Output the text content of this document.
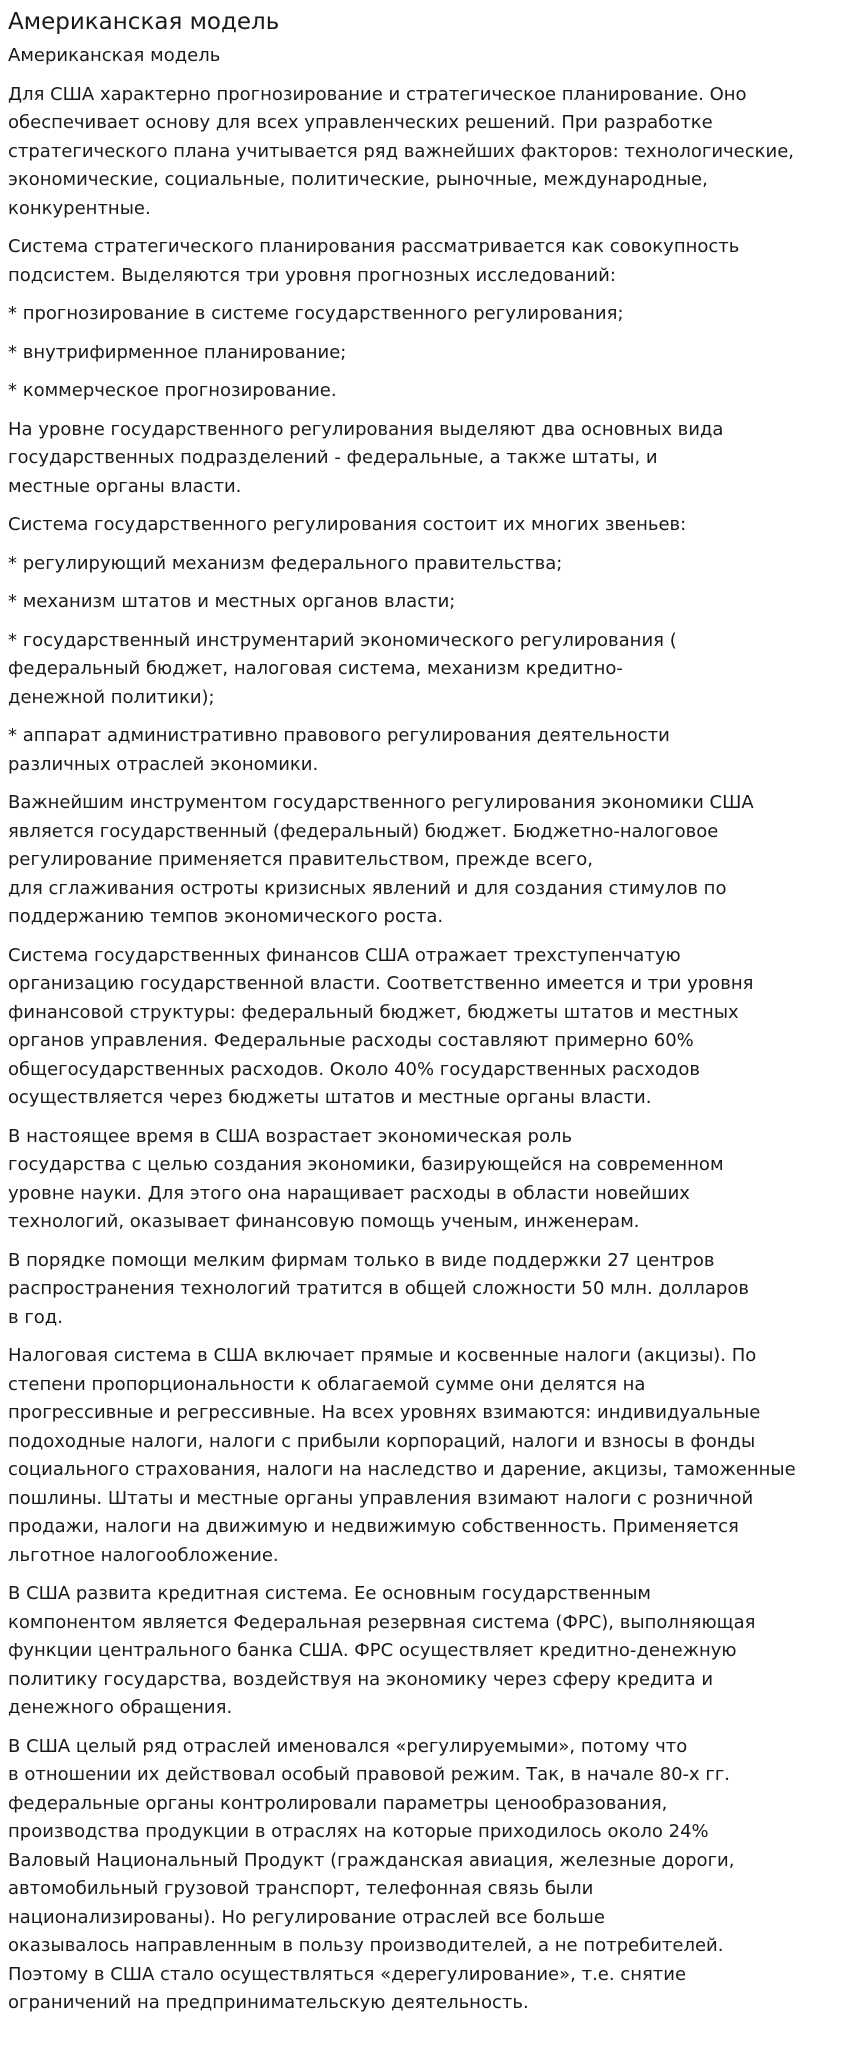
Американская модель

Американская модель

Для США характерно прогнозирование и стратегическое планирование. Оно
обеспечивает основу для всех управленческих решений. При разработке
стратегического плана учитывается ряд важнейших факторов: технологические,
экономические, социальные, политические, рыночные, международные,
конкурентные.

Система стратегического планирования рассматривается как совокупность
подсистем. Выделяются три уровня прогнозных исследований:

* прогнозирование в системе государственного регулирования;

* внутрифирменное планирование;

* коммерческое прогнозирование.

На уровне государственного регулирования выделяют два основных вида
государственных подразделений - федеральные, а также штаты, и
местные органы власти.

Система государственного регулирования состоит их многих звеньев:

* регулирующий механизм федерального правительства;

* механизм штатов и местных органов власти;

* государственный инструментарий экономического регулирования (
федеральный бюджет, налоговая система, механизм кредитно-
денежной политики);

* аппарат административно правового регулирования деятельности
различных отраслей экономики.

Важнейшим инструментом государственного регулирования экономики США
является государственный (федеральный) бюджет. Бюджетно-налоговое
регулирование применяется правительством, прежде всего,
для сглаживания остроты кризисных явлений и для создания стимулов по
поддержанию темпов экономического роста.

Система государственных финансов США отражает трехступенчатую
организацию государственной власти. Соответственно имеется и три уровня
финансовой структуры: федеральный бюджет, бюджеты штатов и местных
органов управления. Федеральные расходы составляют примерно 60%
общегосударственных расходов. Около 40% государственных расходов
осуществляется через бюджеты штатов и местные органы власти.

В настоящее время в США возрастает экономическая роль
государства с целью создания экономики, базирующейся на современном
уровне науки. Для этого она наращивает расходы в области новейших
технологий, оказывает финансовую помощь ученым, инженерам.

В порядке помощи мелким фирмам только в виде поддержки 27 центров
распространения технологий тратится в общей сложности 50 млн. долларов
в год.

Налоговая система в США включает прямые и косвенные налоги (акцизы). По
степени пропорциональности к облагаемой сумме они делятся на
прогрессивные и регрессивные. На всех уровнях взимаются: индивидуальные
подоходные налоги, налоги с прибыли корпораций, налоги и взносы в фонды
социального страхования, налоги на наследство и дарение, акцизы, таможенные
пошлины. Штаты и местные органы управления взимают налоги с розничной
продажи, налоги на движимую и недвижимую собственность. Применяется
льготное налогообложение.

В США развита кредитная система. Ее основным государственным
компонентом является Федеральная резервная система (ФРС), выполняющая
функции центрального банка США. ФРС осуществляет кредитно-денежную
политику государства, воздействуя на экономику через сферу кредита и
денежного обращения.

В США целый ряд отраслей именовался «регулируемыми», потому что
в отношении их действовал особый правовой режим. Так, в начале 80-х гг.
федеральные органы контролировали параметры ценообразования,
производства продукции в отраслях на которые приходилось около 24%
Валовый Национальный Продукт (гражданская авиация, железные дороги,
автомобильный грузовой транспорт, телефонная связь были
национализированы). Но регулирование отраслей все больше
оказывалось направленным в пользу производителей, а не потребителей.
Поэтому в США стало осуществляться «дерегулирование», т.е. снятие
ограничений на предпринимательскую деятельность.
